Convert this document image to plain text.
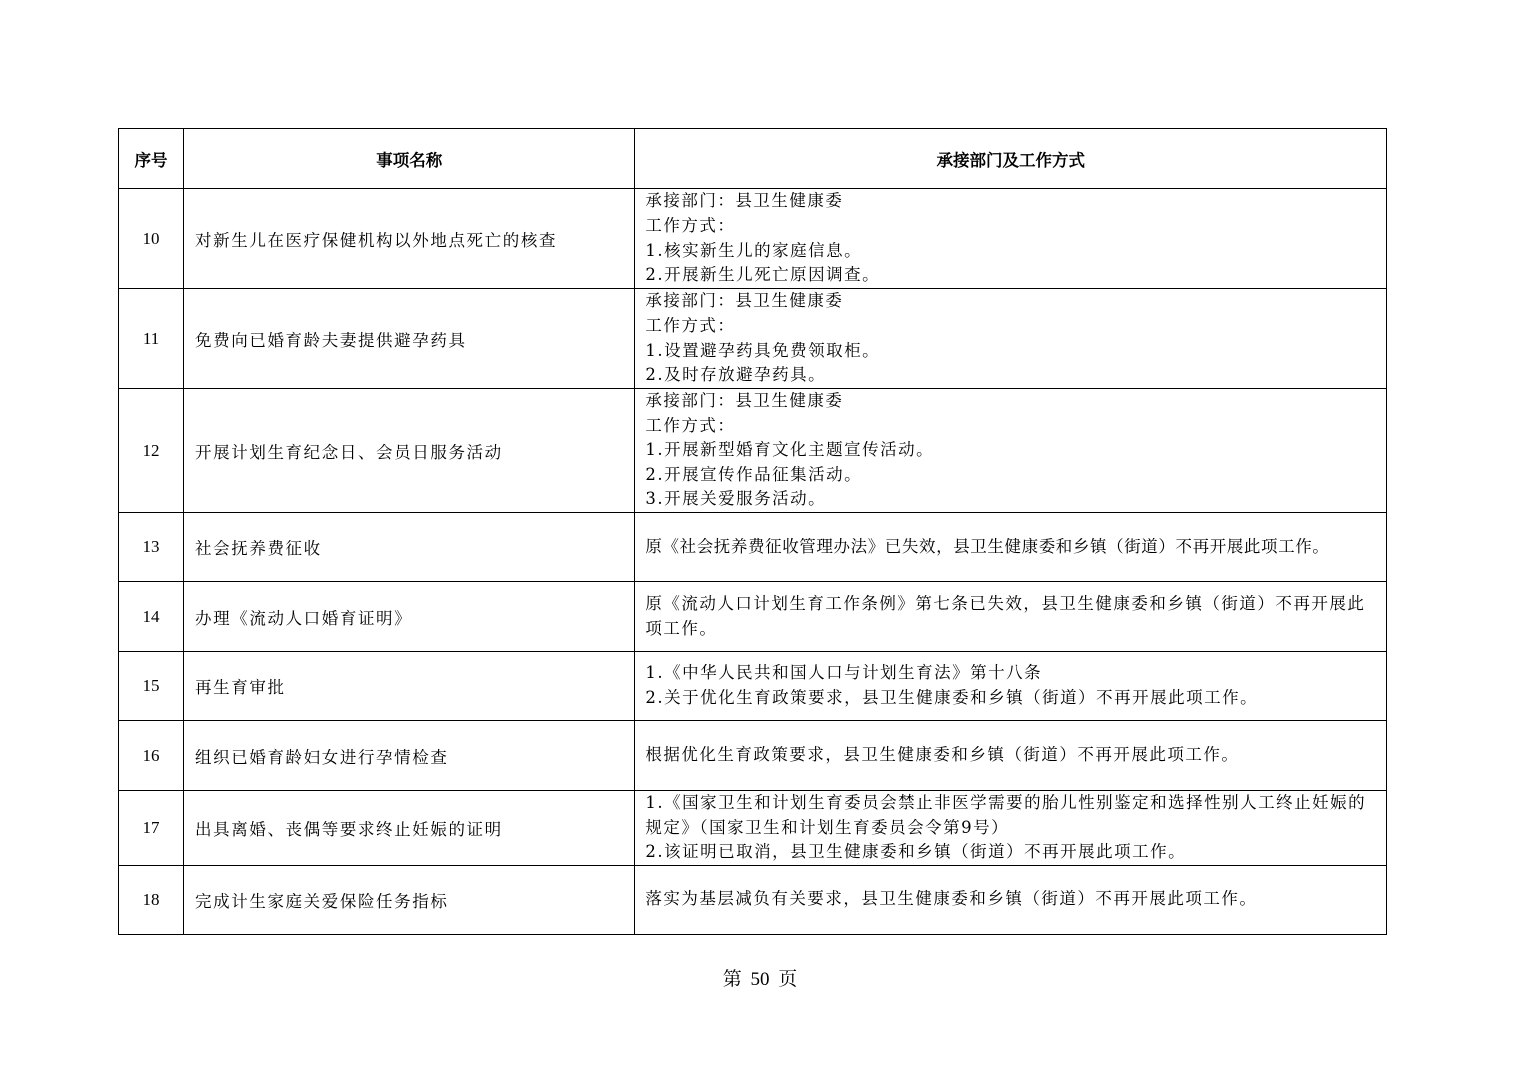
序号	事项名称	承接部门及工作方式
10	对新生儿在医疗保健机构以外地点死亡的核查	承接部门：县卫生健康委
工作方式：
1.核实新生儿的家庭信息。
2.开展新生儿死亡原因调查。

11	免费向已婚育龄夫妻提供避孕药具	承接部门：县卫生健康委
工作方式：
1.设置避孕药具免费领取柜。
2.及时存放避孕药具。

12	开展计划生育纪念日、会员日服务活动	承接部门：县卫生健康委
工作方式：
1.开展新型婚育文化主题宣传活动。
2.开展宣传作品征集活动。
3.开展关爱服务活动。

13	社会抚养费征收	原《社会抚养费征收管理办法》已失效，县卫生健康委和乡镇（街道）不再开展此项工作。

14	办理《流动人口婚育证明》	原《流动人口计划生育工作条例》第七条已失效，县卫生健康委和乡镇（街道）不再开展此项工作。

15	再生育审批	1.《中华人民共和国人口与计划生育法》第十八条
2.关于优化生育政策要求，县卫生健康委和乡镇（街道）不再开展此项工作。

16	组织已婚育龄妇女进行孕情检查	根据优化生育政策要求，县卫生健康委和乡镇（街道）不再开展此项工作。

17	出具离婚、丧偶等要求终止妊娠的证明	1.《国家卫生和计划生育委员会禁止非医学需要的胎儿性别鉴定和选择性别人工终止妊娠的规定》（国家卫生和计划生育委员会令第9号）
2.该证明已取消，县卫生健康委和乡镇（街道）不再开展此项工作。

18	完成计生家庭关爱保险任务指标	落实为基层减负有关要求，县卫生健康委和乡镇（街道）不再开展此项工作。
第 50 页
